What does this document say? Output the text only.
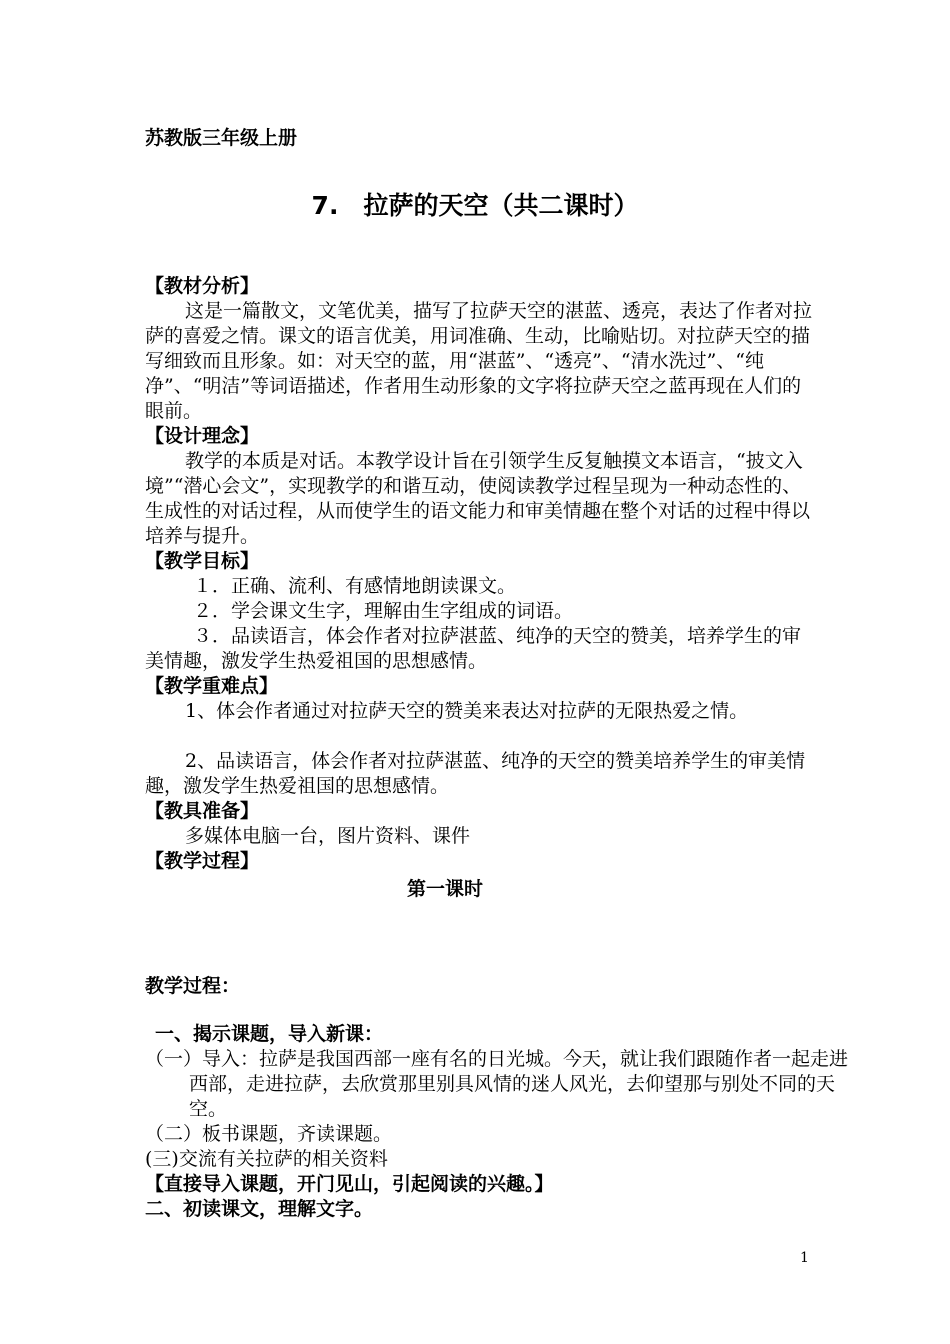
苏教版三年级上册
7.　拉萨的天空（共二课时）
【教材分析】
这是一篇散文，文笔优美，描写了拉萨天空的湛蓝、透亮，表达了作者对拉萨的喜爱之情。课文的语言优美，用词准确、生动，比喻贴切。对拉萨天空的描写细致而且形象。如：对天空的蓝，用“湛蓝”、“透亮”、“清水洗过”、“纯净”、“明洁”等词语描述，作者用生动形象的文字将拉萨天空之蓝再现在人们的眼前。
【设计理念】
教学的本质是对话。本教学设计旨在引领学生反复触摸文本语言，“披文入境”“潜心会文”，实现教学的和谐互动，使阅读教学过程呈现为一种动态性的、生成性的对话过程，从而使学生的语文能力和审美情趣在整个对话的过程中得以培养与提升。
【教学目标】
１．正确、流利、有感情地朗读课文。
２．学会课文生字，理解由生字组成的词语。
３．品读语言，体会作者对拉萨湛蓝、纯净的天空的赞美，培养学生的审美情趣，激发学生热爱祖国的思想感情。
【教学重难点】
1、体会作者通过对拉萨天空的赞美来表达对拉萨的无限热爱之情。
2、品读语言，体会作者对拉萨湛蓝、纯净的天空的赞美培养学生的审美情趣，激发学生热爱祖国的思想感情。
【教具准备】
多媒体电脑一台，图片资料、课件
【教学过程】
第一课时
教学过程：
一、揭示课题，导入新课：
（一）导入：拉萨是我国西部一座有名的日光城。今天，就让我们跟随作者一起走进西部，走进拉萨，去欣赏那里别具风情的迷人风光，去仰望那与别处不同的天空。
（二）板书课题，齐读课题。
(三)交流有关拉萨的相关资料
【直接导入课题，开门见山，引起阅读的兴趣。】
二、初读课文，理解文字。
1
